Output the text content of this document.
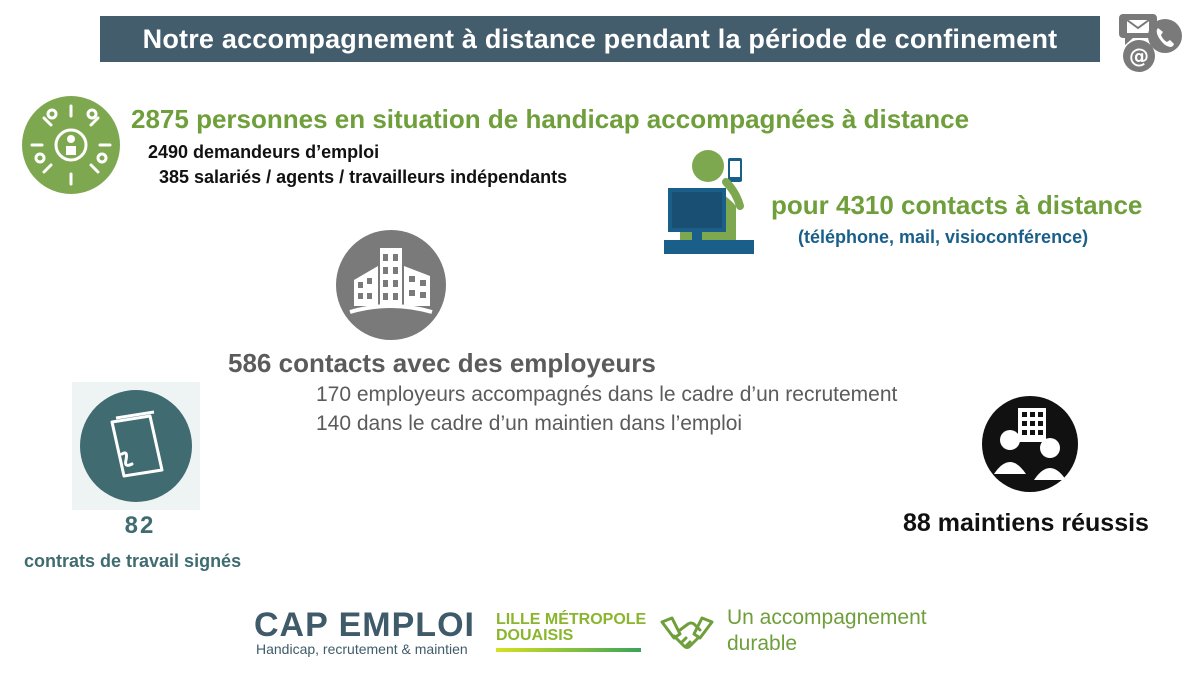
Notre accompagnement à distance pendant la période de confinement
@
2875 personnes en situation de handicap accompagnées à distance
2490 demandeurs d’emploi
385 salariés / agents / travailleurs indépendants
pour 4310 contacts à distance
(téléphone, mail, visioconférence)
586 contacts avec des employeurs
170 employeurs accompagnés dans le cadre d’un recrutement
140 dans le cadre d’un maintien dans l’emploi
82
contrats de travail signés
88 maintiens réussis
CAP EMPLOI
Handicap, recrutement & maintien
LILLE MÉTROPOLE
DOUAISIS
Un accompagnement
durable
